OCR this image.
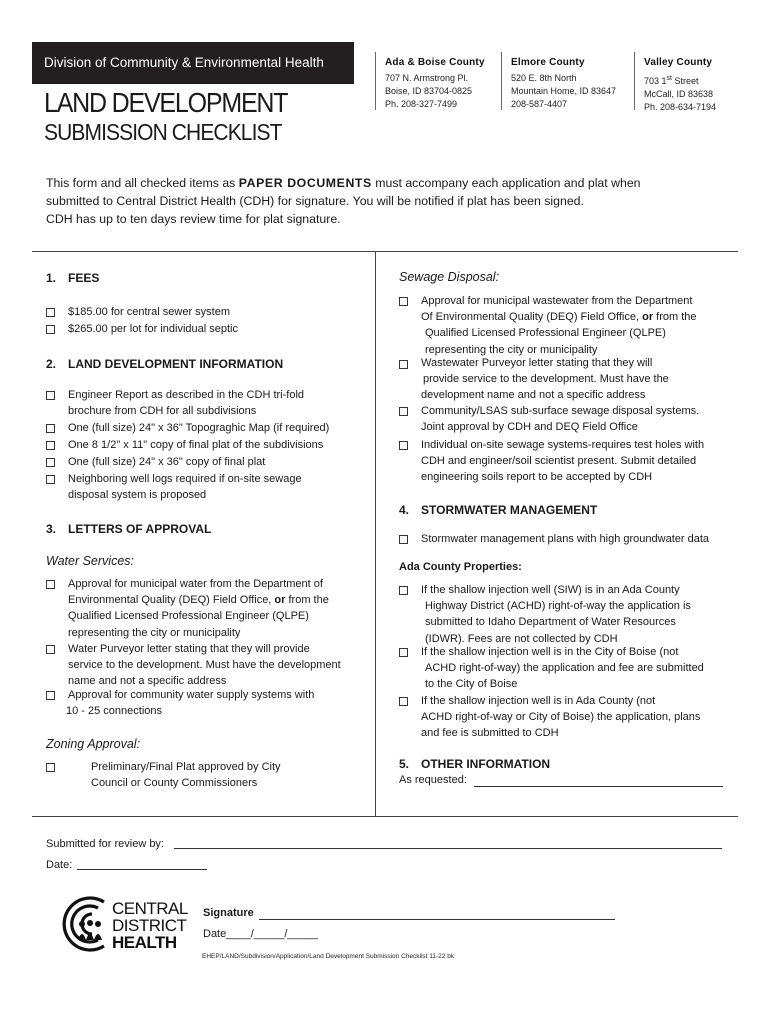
Division of Community & Environmental Health
LAND DEVELOPMENT
SUBMISSION CHECKLIST
Ada & Boise County
707 N. Armstrong Pl.
Boise, ID 83704-0825
Ph. 208-327-7499
Elmore County
520 E. 8th North
Mountain Home, ID 83647
208-587-4407
Valley County
703 1st Street
McCall, ID 83638
Ph. 208-634-7194
This form and all checked items as PAPER DOCUMENTS must accompany each application and plat when
submitted to Central District Health (CDH) for signature. You will be notified if plat has been signed.
CDH has up to ten days review time for plat signature.
1. FEES
$185.00 for central sewer system
$265.00 per lot for individual septic
2. LAND DEVELOPMENT INFORMATION
Engineer Report as described in the CDH tri-fold
brochure from CDH for all subdivisions
One (full size) 24" x 36" Topograghic Map (if required)
One 8 1/2" x 11" copy of final plat of the subdivisions
One (full size) 24" x 36" copy of final plat
Neighboring well logs required if on-site sewage
disposal system is proposed
3. LETTERS OF APPROVAL
Water Services:
Approval for municipal water from the Department of
Environmental Quality (DEQ) Field Office, or from the
Qualified Licensed Professional Engineer (QLPE)
representing the city or municipality
Water Purveyor letter stating that they will provide
service to the development. Must have the development
name and not a specific address
Approval for community water supply systems with
10 - 25 connections
Zoning Approval:
Preliminary/Final Plat approved by City
Council or County Commissioners
Sewage Disposal:
Approval for municipal wastewater from the Department
Of Environmental Quality (DEQ) Field Office, or from the
Qualified Licensed Professional Engineer (QLPE)
representing the city or municipality
Wastewater Purveyor letter stating that they will
provide service to the development. Must have the
development name and not a specific address
Community/LSAS sub-surface sewage disposal systems.
Joint approval by CDH and DEQ Field Office
Individual on-site sewage systems-requires test holes with
CDH and engineer/soil scientist present. Submit detailed
engineering soils report to be accepted by CDH
4. STORMWATER MANAGEMENT
Stormwater management plans with high groundwater data
Ada County Properties:
If the shallow injection well (SIW) is in an Ada County
Highway District (ACHD) right-of-way the application is
submitted to Idaho Department of Water Resources
(IDWR). Fees are not collected by CDH
If the shallow injection well is in the City of Boise (not
ACHD right-of-way) the application and fee are submitted
to the City of Boise
If the shallow injection well is in Ada County (not
ACHD right-of-way or City of Boise) the application, plans
and fee is submitted to CDH
5. OTHER INFORMATION
As requested:
Submitted for review by:
Date:
CENTRAL
DISTRICT
HEALTH
Signature
Date____/_____/_____
EHEP/LAND/Subdivision/Application/Land Development Submission Checklist 11-22 bk
